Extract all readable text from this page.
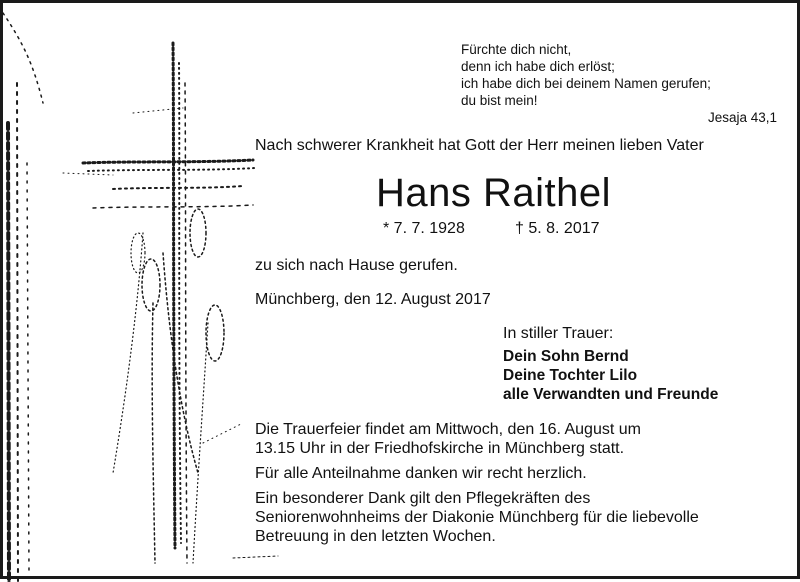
Fürchte dich nicht,
denn ich habe dich erlöst;
ich habe dich bei deinem Namen gerufen;
du bist mein!
Jesaja 43,1
Nach schwerer Krankheit hat Gott der Herr meinen lieben Vater
Hans Raithel
* 7. 7. 1928	† 5. 8. 2017
zu sich nach Hause gerufen.
Münchberg, den 12. August 2017
In stiller Trauer:
Dein Sohn Bernd
Deine Tochter Lilo
alle Verwandten und Freunde
Die Trauerfeier findet am Mittwoch, den 16. August um
13.15 Uhr in der Friedhofskirche in Münchberg statt.
Für alle Anteilnahme danken wir recht herzlich.
Ein besonderer Dank gilt den Pflegekräften des
Seniorenwohnheims der Diakonie Münchberg für die liebevolle
Betreuung in den letzten Wochen.
